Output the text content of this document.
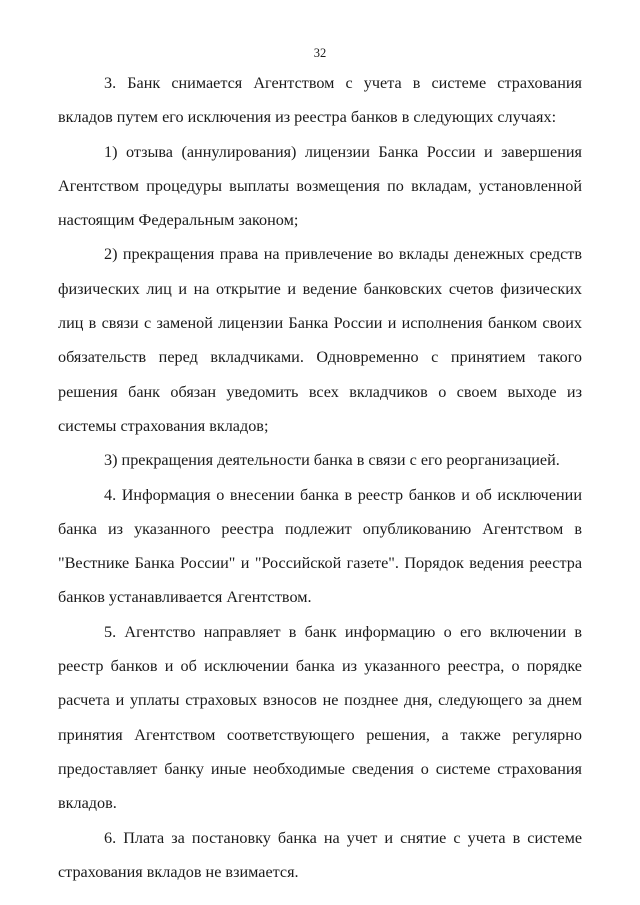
32

3. Банк снимается Агентством с учета в системе страхования вкладов путем его исключения из реестра банков в следующих случаях:

1) отзыва (аннулирования) лицензии Банка России и завершения Агентством процедуры выплаты возмещения по вкладам, установленной настоящим Федеральным законом;

2) прекращения права на привлечение во вклады денежных средств физических лиц и на открытие и ведение банковских счетов физических лиц в связи с заменой лицензии Банка России и исполнения банком своих обязательств перед вкладчиками. Одновременно с принятием такого решения банк обязан уведомить всех вкладчиков о своем выходе из системы страхования вкладов;

3) прекращения деятельности банка в связи с его реорганизацией.

4. Информация о внесении банка в реестр банков и об исключении банка из указанного реестра подлежит опубликованию Агентством в "Вестнике Банка России" и "Российской газете". Порядок ведения реестра банков устанавливается Агентством.

5. Агентство направляет в банк информацию о его включении в реестр банков и об исключении банка из указанного реестра, о порядке расчета и уплаты страховых взносов не позднее дня, следующего за днем принятия Агентством соответствующего решения, а также регулярно предоставляет банку иные необходимые сведения о системе страхования вкладов.

6. Плата за постановку банка на учет и снятие с учета в системе страхования вкладов не взимается.
